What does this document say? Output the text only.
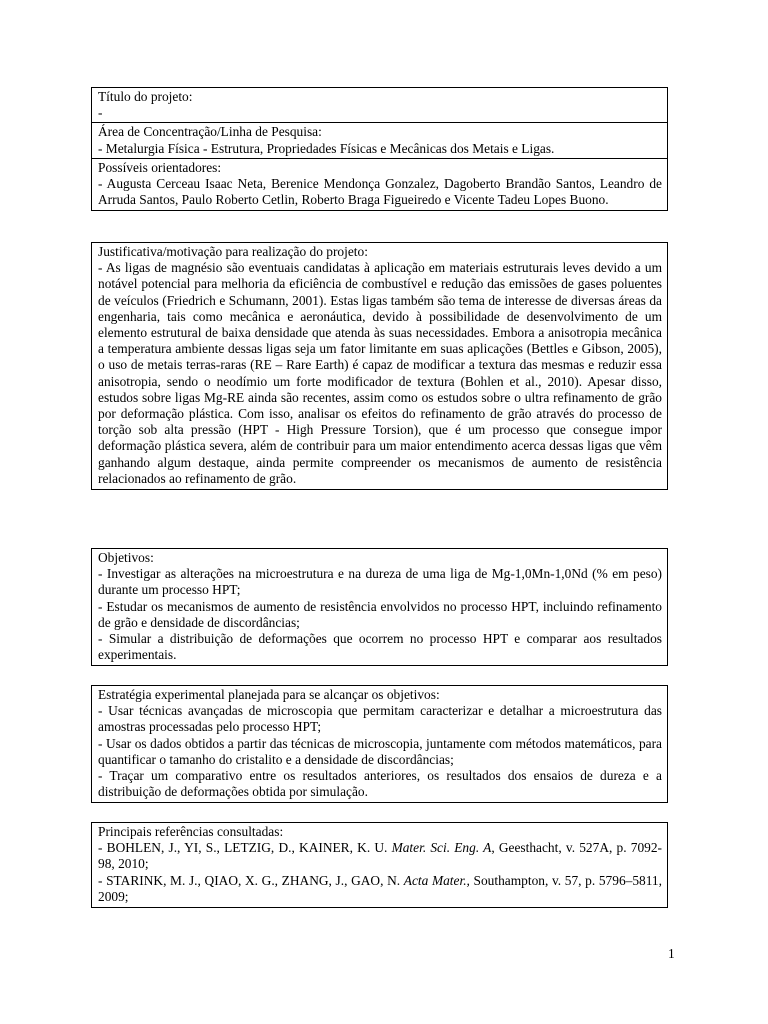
Título do projeto:

-

Área de Concentração/Linha de Pesquisa:

- Metalurgia Física - Estrutura, Propriedades Físicas e Mecânicas dos Metais e Ligas.

Possíveis orientadores:

- Augusta Cerceau Isaac Neta, Berenice Mendonça Gonzalez, Dagoberto Brandão Santos, Leandro de Arruda Santos, Paulo Roberto Cetlin, Roberto Braga Figueiredo e Vicente Tadeu Lopes Buono.

Justificativa/motivação para realização do projeto:

- As ligas de magnésio são eventuais candidatas à aplicação em materiais estruturais leves devido a um notável potencial para melhoria da eficiência de combustível e redução das emissões de gases poluentes de veículos (Friedrich e Schumann, 2001). Estas ligas também são tema de interesse de diversas áreas da engenharia, tais como mecânica e aeronáutica, devido à possibilidade de desenvolvimento de um elemento estrutural de baixa densidade que atenda às suas necessidades. Embora a anisotropia mecânica a temperatura ambiente dessas ligas seja um fator limitante em suas aplicações (Bettles e Gibson, 2005), o uso de metais terras-raras (RE – Rare Earth) é capaz de modificar a textura das mesmas e reduzir essa anisotropia, sendo o neodímio um forte modificador de textura (Bohlen et al., 2010). Apesar disso, estudos sobre ligas Mg-RE ainda são recentes, assim como os estudos sobre o ultra refinamento de grão por deformação plástica. Com isso, analisar os efeitos do refinamento de grão através do processo de torção sob alta pressão (HPT - High Pressure Torsion), que é um processo que consegue impor deformação plástica severa, além de contribuir para um maior entendimento acerca dessas ligas que vêm ganhando algum destaque, ainda permite compreender os mecanismos de aumento de resistência relacionados ao refinamento de grão.

Objetivos:

- Investigar as alterações na microestrutura e na dureza de uma liga de Mg-1,0Mn-1,0Nd (% em peso) durante um processo HPT;

- Estudar os mecanismos de aumento de resistência envolvidos no processo HPT, incluindo refinamento de grão e densidade de discordâncias;

- Simular a distribuição de deformações que ocorrem no processo HPT e comparar aos resultados experimentais.

Estratégia experimental planejada para se alcançar os objetivos:

- Usar técnicas avançadas de microscopia que permitam caracterizar e detalhar a microestrutura das amostras processadas pelo processo HPT;

- Usar os dados obtidos a partir das técnicas de microscopia, juntamente com métodos matemáticos, para quantificar o tamanho do cristalito e a densidade de discordâncias;

- Traçar um comparativo entre os resultados anteriores, os resultados dos ensaios de dureza e a distribuição de deformações obtida por simulação.

Principais referências consultadas:

- BOHLEN, J., YI, S., LETZIG, D., KAINER, K. U. Mater. Sci. Eng. A, Geesthacht, v. 527A, p. 7092-98, 2010;

- STARINK, M. J., QIAO, X. G., ZHANG, J., GAO, N. Acta Mater., Southampton, v. 57, p. 5796–5811, 2009;

1
